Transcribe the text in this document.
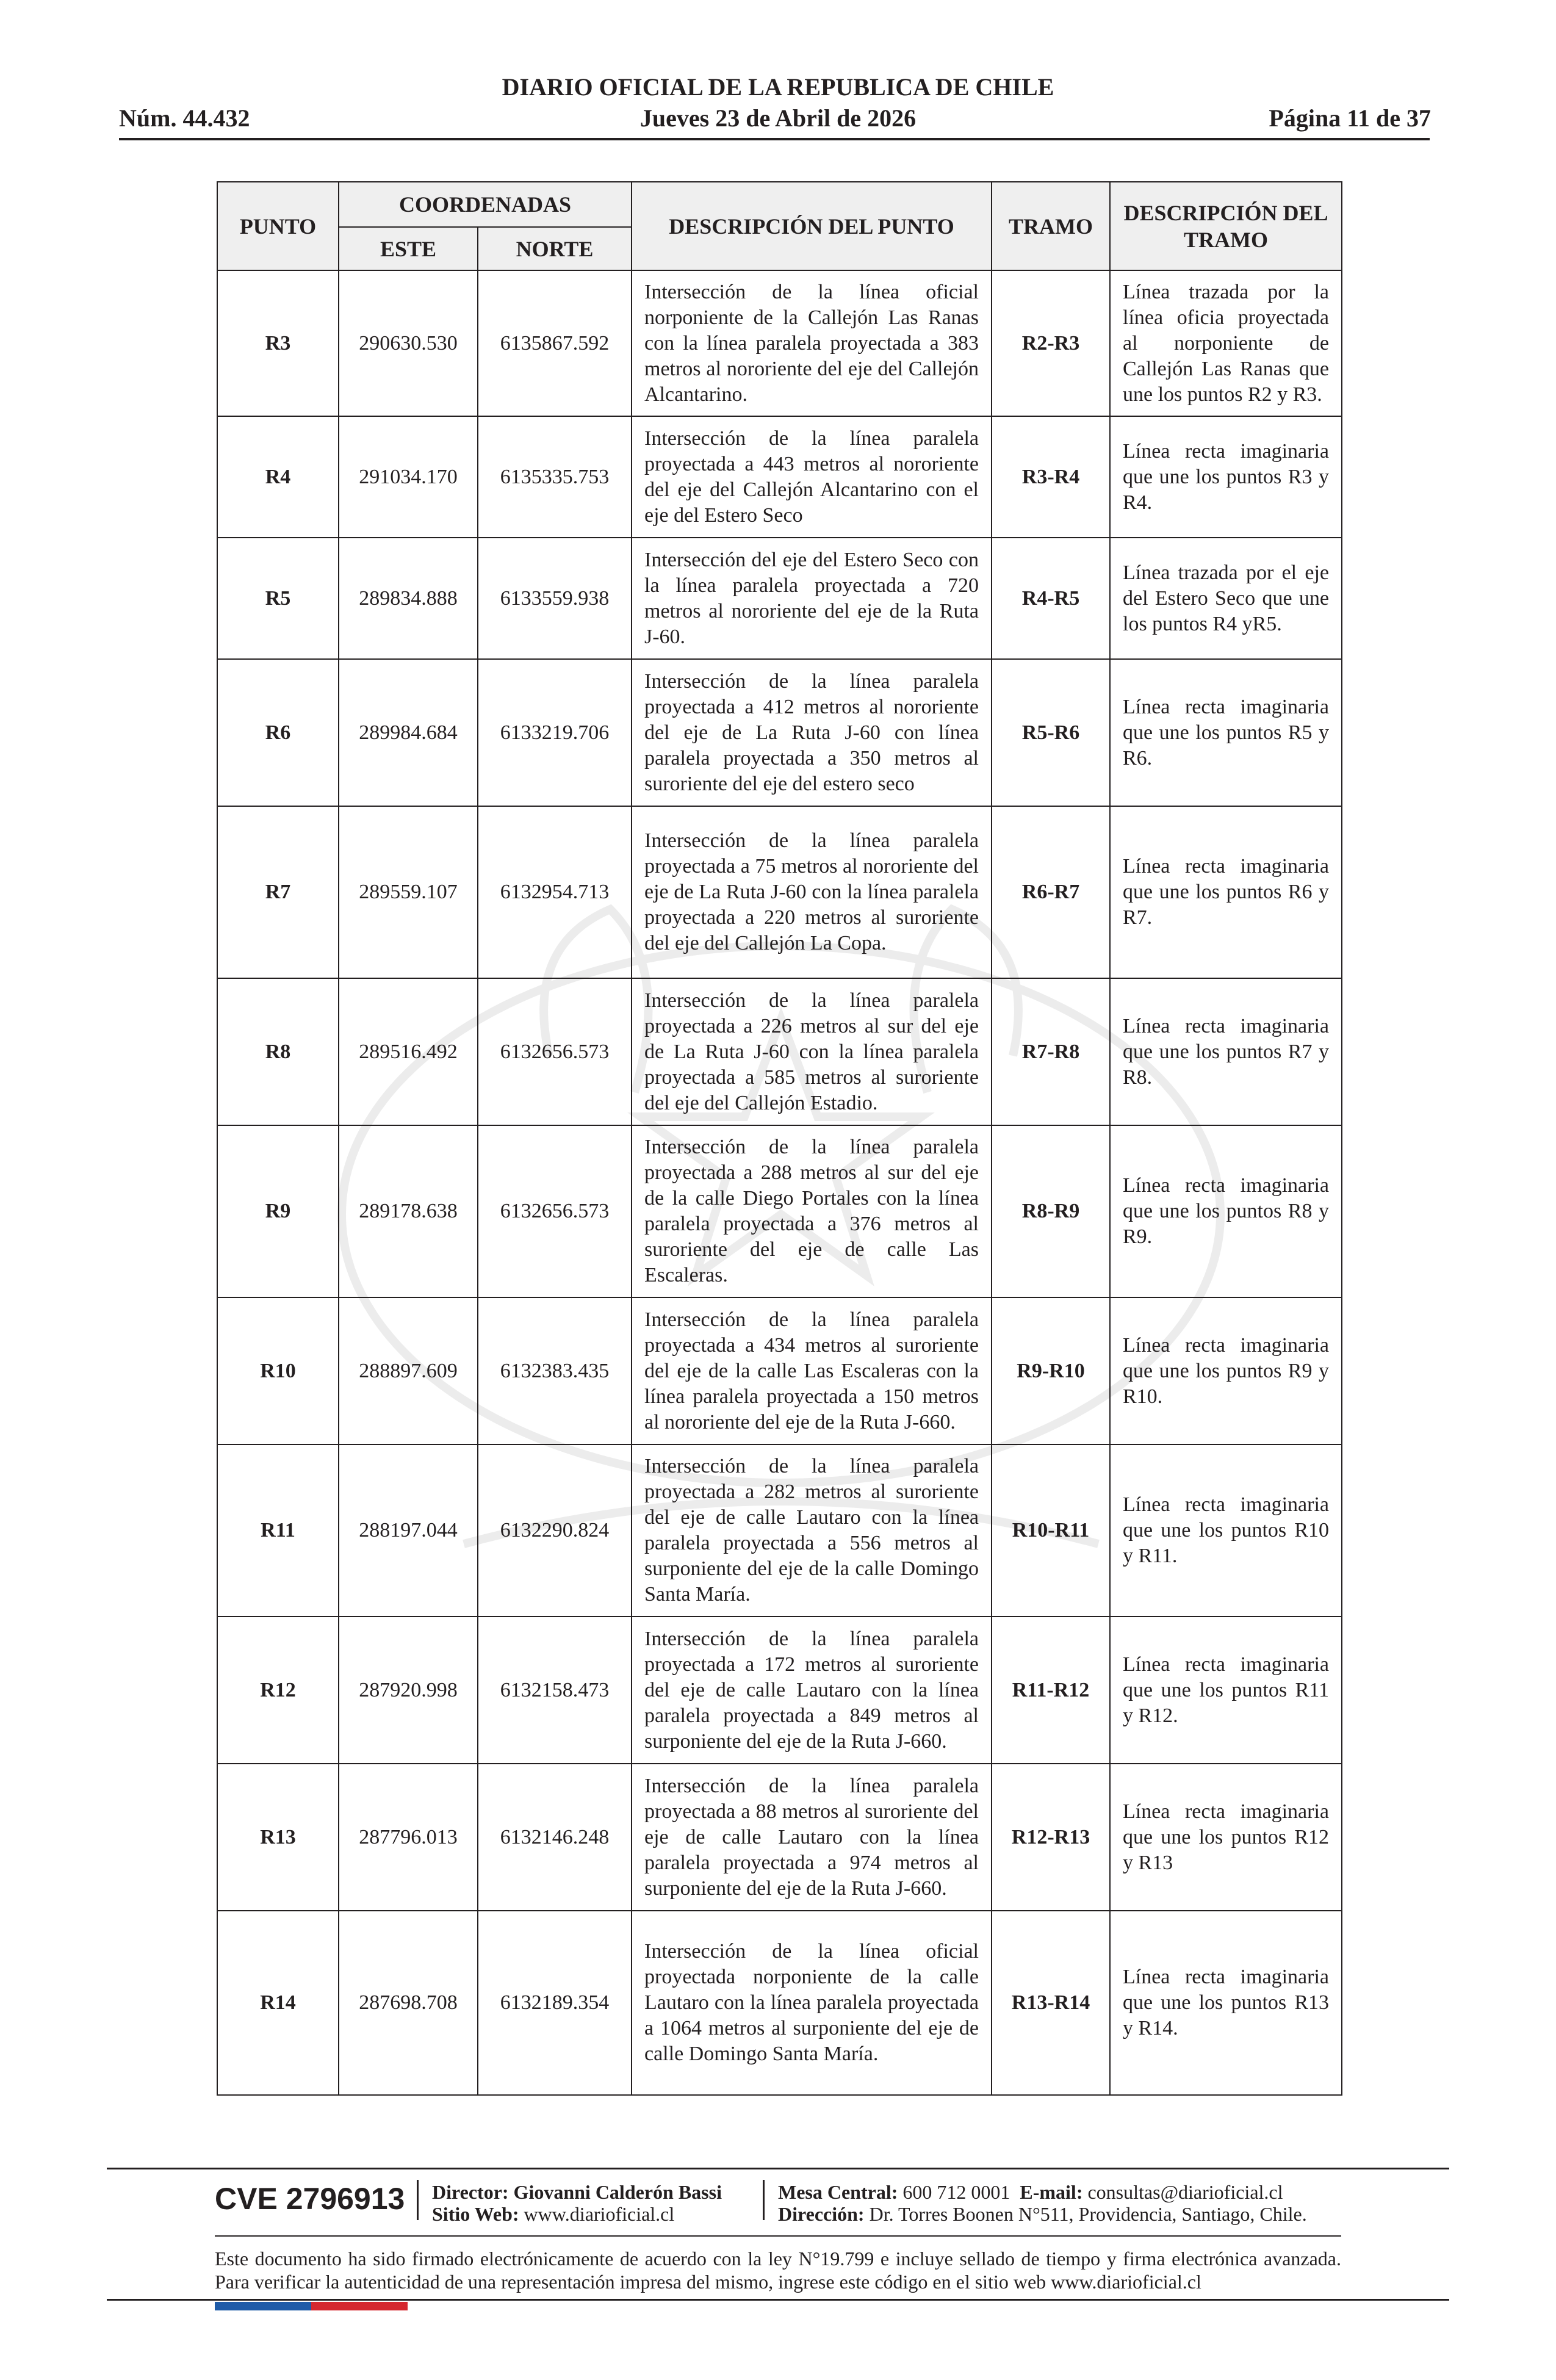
DIARIO OFICIAL DE LA REPUBLICA DE CHILE
Núm. 44.432	Jueves 23 de Abril de 2026	Página 11 de 37
PUNTO	COORDENADAS		DESCRIPCIÓN DEL PUNTO	TRAMO	DESCRIPCIÓN DEL TRAMO
	ESTE	NORTE			
R3	290630.530	6135867.592	Intersección de la línea oficial norponiente de la Callejón Las Ranas con la línea paralela proyectada a 383 metros al nororiente del eje del Callejón Alcantarino.	R2-R3	Línea trazada por la línea oficia proyectada al norponiente de Callejón Las Ranas que une los puntos R2 y R3.
R4	291034.170	6135335.753	Intersección de la línea paralela proyectada a 443 metros al nororiente del eje del Callejón Alcantarino con el eje del Estero Seco	R3-R4	Línea recta imaginaria que une los puntos R3 y R4.
R5	289834.888	6133559.938	Intersección del eje del Estero Seco con la línea paralela proyectada a 720 metros al nororiente del eje de la Ruta J-60.	R4-R5	Línea trazada por el eje del Estero Seco que une los puntos R4 yR5.
R6	289984.684	6133219.706	Intersección de la línea paralela proyectada a 412 metros al nororiente del eje de La Ruta J-60 con línea paralela proyectada a 350 metros al suroriente del eje del estero seco	R5-R6	Línea recta imaginaria que une los puntos R5 y R6.
R7	289559.107	6132954.713	Intersección de la línea paralela proyectada a 75 metros al nororiente del eje de La Ruta J-60 con la línea paralela proyectada a 220 metros al suroriente del eje del Callejón La Copa.	R6-R7	Línea recta imaginaria que une los puntos R6 y R7.
R8	289516.492	6132656.573	Intersección de la línea paralela proyectada a 226 metros al sur del eje de La Ruta J-60 con la línea paralela proyectada a 585 metros al suroriente del eje del Callejón Estadio.	R7-R8	Línea recta imaginaria que une los puntos R7 y R8.
R9	289178.638	6132656.573	Intersección de la línea paralela proyectada a 288 metros al sur del eje de la calle Diego Portales con la línea paralela proyectada a 376 metros al suroriente del eje de calle Las Escaleras.	R8-R9	Línea recta imaginaria que une los puntos R8 y R9.
R10	288897.609	6132383.435	Intersección de la línea paralela proyectada a 434 metros al suroriente del eje de la calle Las Escaleras con la línea paralela proyectada a 150 metros al nororiente del eje de la Ruta J-660.	R9-R10	Línea recta imaginaria que une los puntos R9 y R10.
R11	288197.044	6132290.824	Intersección de la línea paralela proyectada a 282 metros al suroriente del eje de calle Lautaro con la línea paralela proyectada a 556 metros al surponiente del eje de la calle Domingo Santa María.	R10-R11	Línea recta imaginaria que une los puntos R10 y R11.
R12	287920.998	6132158.473	Intersección de la línea paralela proyectada a 172 metros al suroriente del eje de calle Lautaro con la línea paralela proyectada a 849 metros al surponiente del eje de la Ruta J-660.	R11-R12	Línea recta imaginaria que une los puntos R11 y R12.
R13	287796.013	6132146.248	Intersección de la línea paralela proyectada a 88 metros al suroriente del eje de calle Lautaro con la línea paralela proyectada a 974 metros al surponiente del eje de la Ruta J-660.	R12-R13	Línea recta imaginaria que une los puntos R12 y R13
R14	287698.708	6132189.354	Intersección de la línea oficial proyectada norponiente de la calle Lautaro con la línea paralela proyectada a 1064 metros al surponiente del eje de calle Domingo Santa María.	R13-R14	Línea recta imaginaria que une los puntos R13 y R14.
CVE 2796913 Director: Giovanni Calderón Bassi
Sitio Web: www.diarioficial.cl
Mesa Central: 600 712 0001 E-mail: consultas@diarioficial.cl
Dirección: Dr. Torres Boonen N°511, Providencia, Santiago, Chile.
Este documento ha sido firmado electrónicamente de acuerdo con la ley N°19.799 e incluye sellado de tiempo y firma electrónica avanzada. Para verificar la autenticidad de una representación impresa del mismo, ingrese este código en el sitio web www.diarioficial.cl
